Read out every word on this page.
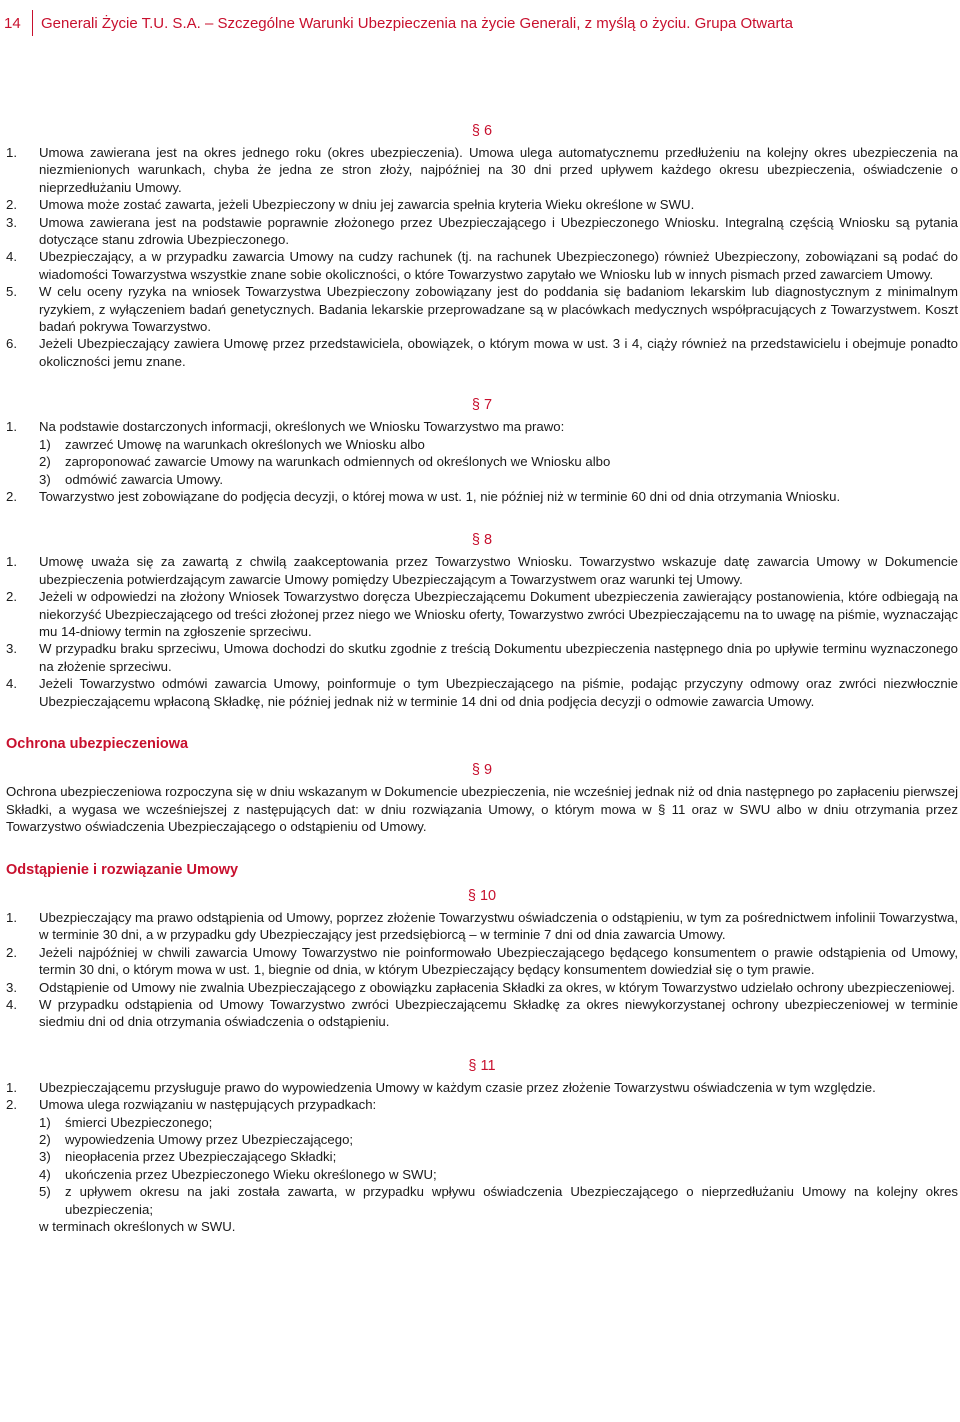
14	Generali Życie T.U. S.A. – Szczególne Warunki Ubezpieczenia na życie Generali, z myślą o życiu. Grupa Otwarta
§ 6
1.	Umowa zawierana jest na okres jednego roku (okres ubezpieczenia). Umowa ulega automatycznemu przedłużeniu na kolejny okres ubezpieczenia na niezmienionych warunkach, chyba że jedna ze stron złoży, najpóźniej na 30 dni przed upływem każdego okresu ubezpieczenia, oświadczenie o nieprzedłużaniu Umowy.
2.	Umowa może zostać zawarta, jeżeli Ubezpieczony w dniu jej zawarcia spełnia kryteria Wieku określone w SWU.
3.	Umowa zawierana jest na podstawie poprawnie złożonego przez Ubezpieczającego i Ubezpieczonego Wniosku. Integralną częścią Wniosku są pytania dotyczące stanu zdrowia Ubezpieczonego.
4.	Ubezpieczający, a w przypadku zawarcia Umowy na cudzy rachunek (tj. na rachunek Ubezpieczonego) również Ubezpieczony, zobowiązani są podać do wiadomości Towarzystwa wszystkie znane sobie okoliczności, o które Towarzystwo zapytało we Wniosku lub w innych pismach przed zawarciem Umowy.
5.	W celu oceny ryzyka na wniosek Towarzystwa Ubezpieczony zobowiązany jest do poddania się badaniom lekarskim lub diagnostycznym z minimalnym ryzykiem, z wyłączeniem badań genetycznych. Badania lekarskie przeprowadzane są w placówkach medycznych współpracujących z Towarzystwem. Koszt badań pokrywa Towarzystwo.
6.	Jeżeli Ubezpieczający zawiera Umowę przez przedstawiciela, obowiązek, o którym mowa w ust. 3 i 4, ciąży również na przedstawicielu i obejmuje ponadto okoliczności jemu znane.
§ 7
1.	Na podstawie dostarczonych informacji, określonych we Wniosku Towarzystwo ma prawo:
1)	zawrzeć Umowę na warunkach określonych we Wniosku albo
2)	zaproponować zawarcie Umowy na warunkach odmiennych od określonych we Wniosku albo
3)	odmówić zawarcia Umowy.
2.	Towarzystwo jest zobowiązane do podjęcia decyzji, o której mowa w ust. 1, nie później niż w terminie 60 dni od dnia otrzymania Wniosku.
§ 8
1.	Umowę uważa się za zawartą z chwilą zaakceptowania przez Towarzystwo Wniosku. Towarzystwo wskazuje datę zawarcia Umowy w Dokumencie ubezpieczenia potwierdzającym zawarcie Umowy pomiędzy Ubezpieczającym a Towarzystwem oraz warunki tej Umowy.
2.	Jeżeli w odpowiedzi na złożony Wniosek Towarzystwo doręcza Ubezpieczającemu Dokument ubezpieczenia zawierający postanowienia, które odbiegają na niekorzyść Ubezpieczającego od treści złożonej przez niego we Wniosku oferty, Towarzystwo zwróci Ubezpieczającemu na to uwagę na piśmie, wyznaczając mu 14-dniowy termin na zgłoszenie sprzeciwu.
3.	W przypadku braku sprzeciwu, Umowa dochodzi do skutku zgodnie z treścią Dokumentu ubezpieczenia następnego dnia po upływie terminu wyznaczonego na złożenie sprzeciwu.
4.	Jeżeli Towarzystwo odmówi zawarcia Umowy, poinformuje o tym Ubezpieczającego na piśmie, podając przyczyny odmowy oraz zwróci niezwłocznie Ubezpieczającemu wpłaconą Składkę, nie później jednak niż w terminie 14 dni od dnia podjęcia decyzji o odmowie zawarcia Umowy.
Ochrona ubezpieczeniowa
§ 9
Ochrona ubezpieczeniowa rozpoczyna się w dniu wskazanym w Dokumencie ubezpieczenia, nie wcześniej jednak niż od dnia następnego po zapłaceniu pierwszej Składki, a wygasa we wcześniejszej z następujących dat: w dniu rozwiązania Umowy, o którym mowa w § 11 oraz w SWU albo w dniu otrzymania przez Towarzystwo oświadczenia Ubezpieczającego o odstąpieniu od Umowy.
Odstąpienie i rozwiązanie Umowy
§ 10
1.	Ubezpieczający ma prawo odstąpienia od Umowy, poprzez złożenie Towarzystwu oświadczenia o odstąpieniu, w tym za pośrednictwem infolinii Towarzystwa, w terminie 30 dni, a w przypadku gdy Ubezpieczający jest przedsiębiorcą – w terminie 7 dni od dnia zawarcia Umowy.
2.	Jeżeli najpóźniej w chwili zawarcia Umowy Towarzystwo nie poinformowało Ubezpieczającego będącego konsumentem o prawie odstąpienia od Umowy, termin 30 dni, o którym mowa w ust. 1, biegnie od dnia, w którym Ubezpieczający będący konsumentem dowiedział się o tym prawie.
3.	Odstąpienie od Umowy nie zwalnia Ubezpieczającego z obowiązku zapłacenia Składki za okres, w którym Towarzystwo udzielało ochrony ubezpieczeniowej.
4.	W przypadku odstąpienia od Umowy Towarzystwo zwróci Ubezpieczającemu Składkę za okres niewykorzystanej ochrony ubezpieczeniowej w terminie siedmiu dni od dnia otrzymania oświadczenia o odstąpieniu.
§ 11
1.	Ubezpieczającemu przysługuje prawo do wypowiedzenia Umowy w każdym czasie przez złożenie Towarzystwu oświadczenia w tym względzie.
2.	Umowa ulega rozwiązaniu w następujących przypadkach:
1)	śmierci Ubezpieczonego;
2)	wypowiedzenia Umowy przez Ubezpieczającego;
3)	nieopłacenia przez Ubezpieczającego Składki;
4)	ukończenia przez Ubezpieczonego Wieku określonego w SWU;
5)	z upływem okresu na jaki została zawarta, w przypadku wpływu oświadczenia Ubezpieczającego o nieprzedłużaniu Umowy na kolejny okres ubezpieczenia;
w terminach określonych w SWU.
